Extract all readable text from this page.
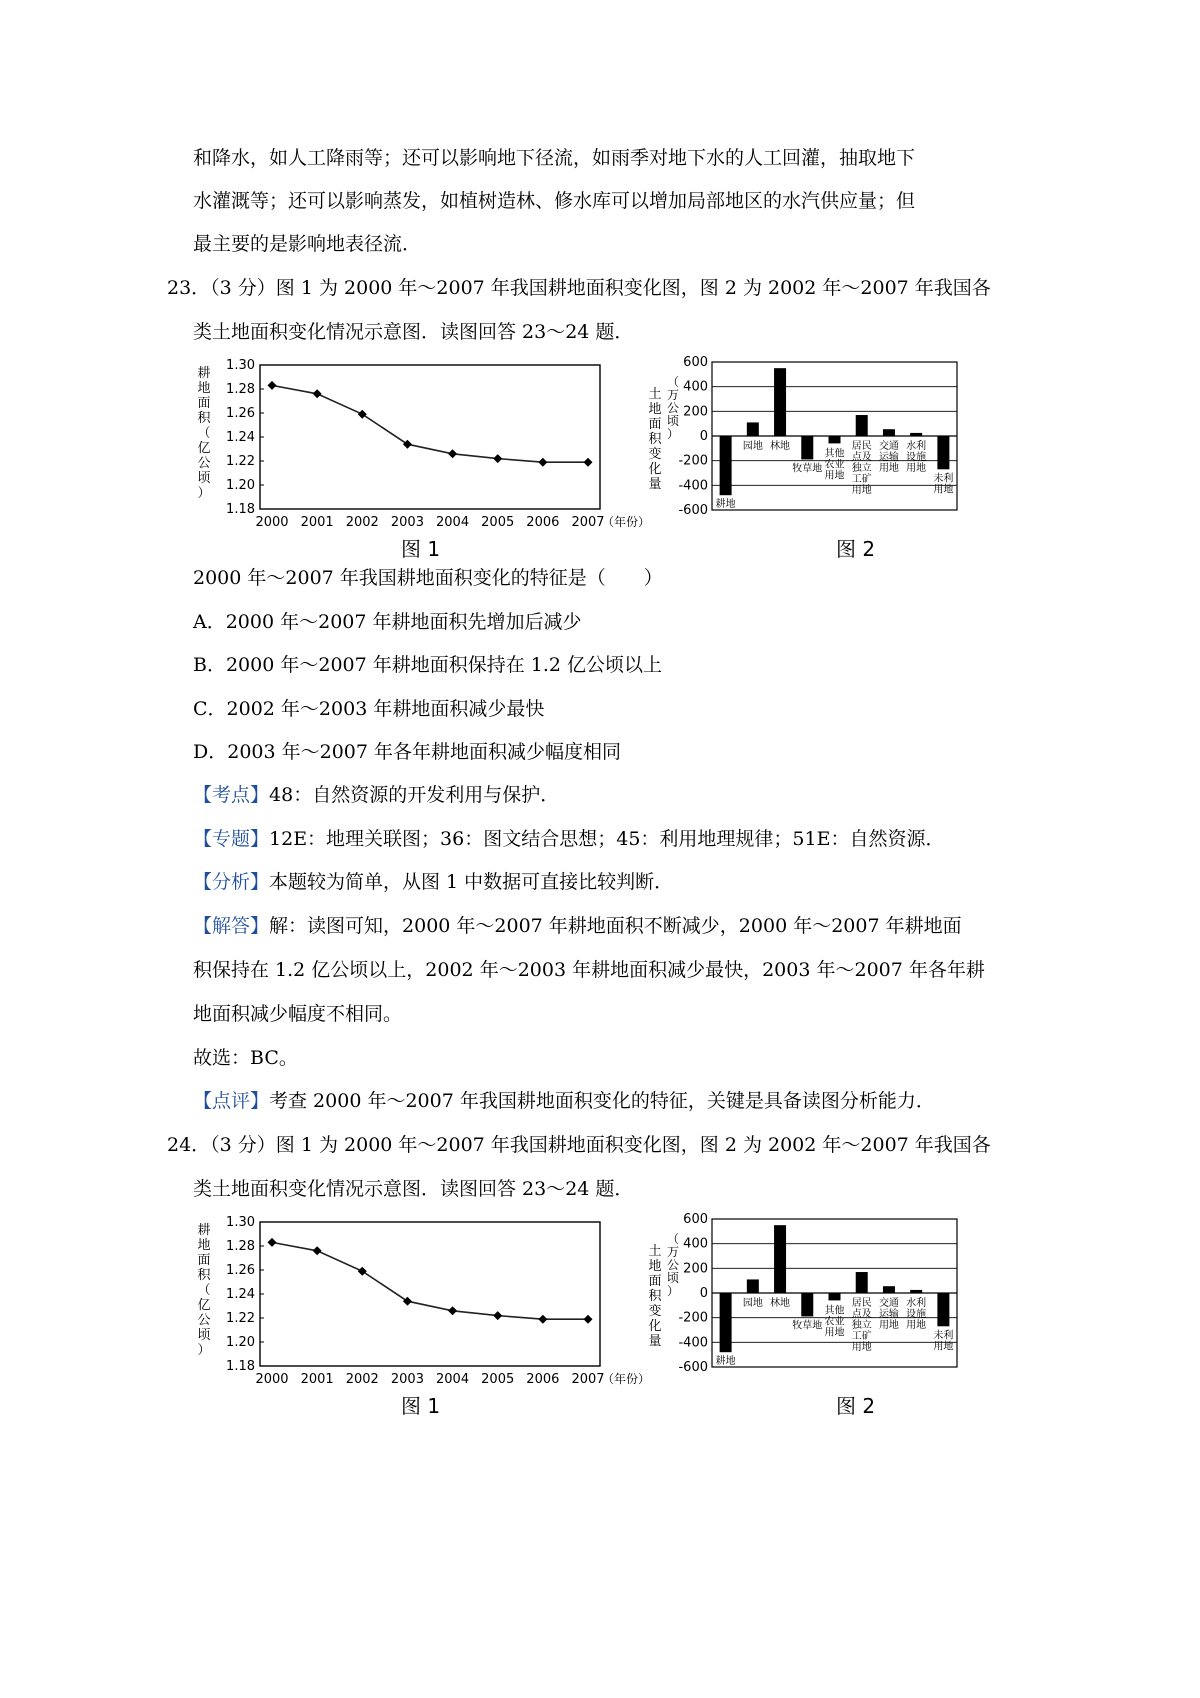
和降水，如人工降雨等；还可以影响地下径流，如雨季对地下水的人工回灌，抽取地下
水灌溉等；还可以影响蒸发，如植树造林、修水库可以增加局部地区的水汽供应量；但
最主要的是影响地表径流．
23．（3 分）图 1 为 2000 年～2007 年我国耕地面积变化图，图 2 为 2002 年～2007 年我国各
类土地面积变化情况示意图．读图回答 23～24 题．
耕地面积（亿公顷）
1.18
1.20
1.22
1.24
1.26
1.28
1.30
2000 2001 2002 2003 2004 2005 2006 2007
（年份）
600
400
200
0
-200
-400
-600
土地面积变化量
（万公顷）
耕地
园地 林地
牧草地
其他农业用地
居民点及独立工矿用地
交通运输用地
水利设施用地
未利用地
图 1	图 2
2000 年～2007 年我国耕地面积变化的特征是（　　）
A．2000 年～2007 年耕地面积先增加后减少
B．2000 年～2007 年耕地面积保持在 1.2 亿公顷以上
C．2002 年～2003 年耕地面积减少最快
D．2003 年～2007 年各年耕地面积减少幅度相同
【考点】48：自然资源的开发利用与保护．
【专题】12E：地理关联图；36：图文结合思想；45：利用地理规律；51E：自然资源．
【分析】本题较为简单，从图 1 中数据可直接比较判断．
【解答】解：读图可知，2000 年～2007 年耕地面积不断减少，2000 年～2007 年耕地面
积保持在 1.2 亿公顷以上，2002 年～2003 年耕地面积减少最快，2003 年～2007 年各年耕
地面积减少幅度不相同。
故选：BC。
【点评】考查 2000 年～2007 年我国耕地面积变化的特征，关键是具备读图分析能力．
24．（3 分）图 1 为 2000 年～2007 年我国耕地面积变化图，图 2 为 2002 年～2007 年我国各
类土地面积变化情况示意图．读图回答 23～24 题．
耕地面积（亿公顷）
1.18
1.20
1.22
1.24
1.26
1.28
1.30
2000 2001 2002 2003 2004 2005 2006 2007
（年份）
600
400
200
0
-200
-400
-600
土地面积变化量
（万公顷）
耕地
园地 林地
牧草地
其他农业用地
居民点及独立工矿用地
交通运输用地
水利设施用地
未利用地
图 1	图 2
